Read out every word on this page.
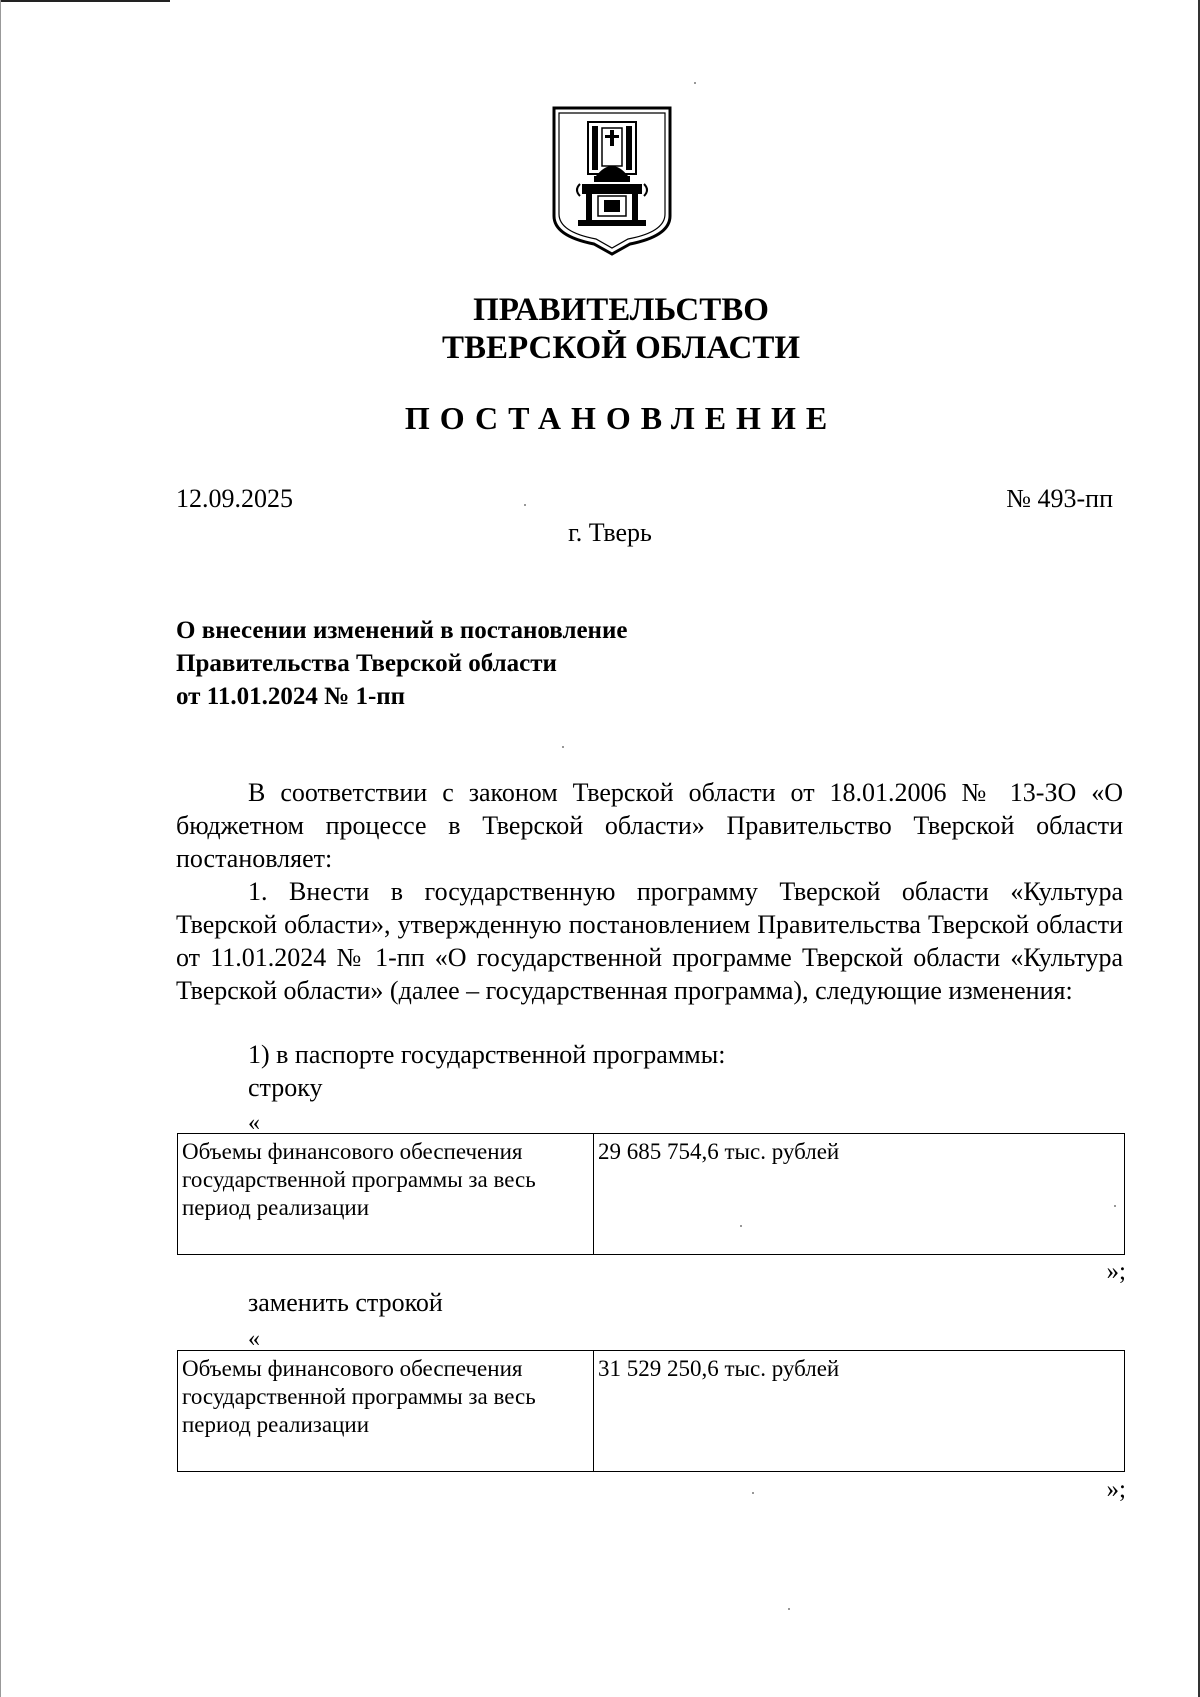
ПРАВИТЕЛЬСТВО
ТВЕРСКОЙ ОБЛАСТИ
ПОСТАНОВЛЕНИЕ
12.09.2025	№ 493-пп
г. Тверь
О внесении изменений в постановление
Правительства Тверской области
от 11.01.2024 № 1-пп

В соответствии с законом Тверской области от 18.01.2006 № 13-ЗО «О бюджетном процессе в Тверской области» Правительство Тверской области постановляет:

1. Внести в государственную программу Тверской области «Культура Тверской области», утвержденную постановлением Правительства Тверской области от 11.01.2024 № 1-пп «О государственной программе Тверской области «Культура Тверской области» (далее – государственная программа), следующие изменения:

1) в паспорте государственной программы:
строку
«
Объемы финансового обеспечения государственной программы за весь период реализации	29 685 754,6 тыс. рублей
»;
заменить строкой
«
Объемы финансового обеспечения государственной программы за весь период реализации	31 529 250,6 тыс. рублей
»;
